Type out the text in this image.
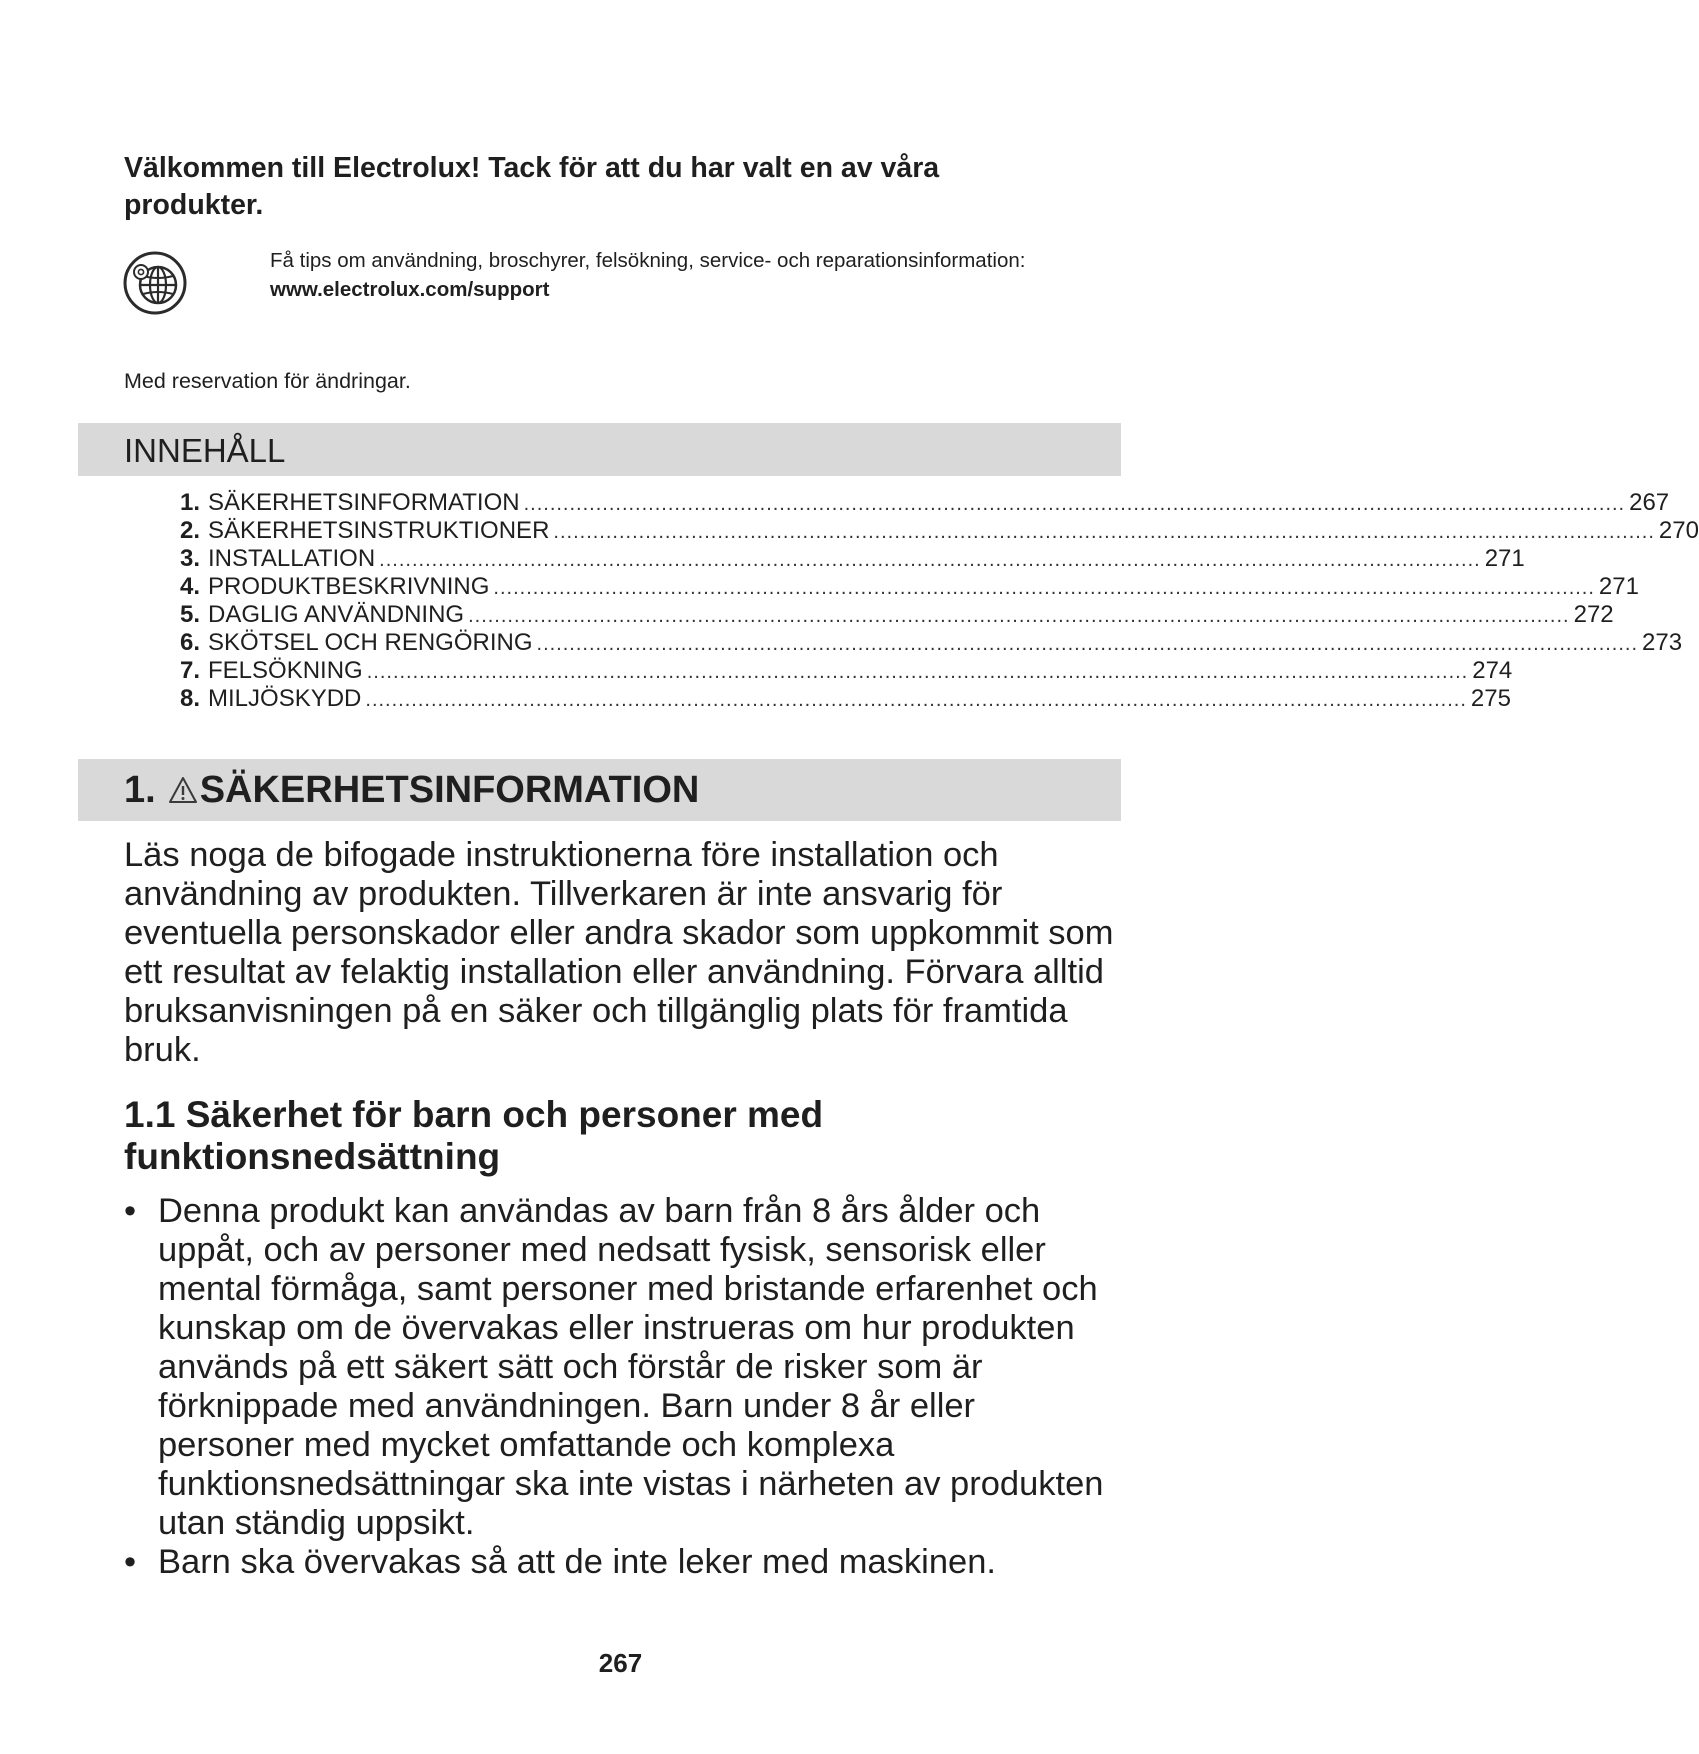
Välkommen till Electrolux! Tack för att du har valt en av våra produkter.
Få tips om användning, broschyrer, felsökning, service- och reparationsinformation:
www.electrolux.com/support
Med reservation för ändringar.
INNEHÅLL
1. SÄKERHETSINFORMATION ........................................................................................................................................................................ 267
2. SÄKERHETSINSTRUKTIONER ........................................................................................................................................................................ 270
3. INSTALLATION ........................................................................................................................................................................ 271
4. PRODUKTBESKRIVNING ........................................................................................................................................................................ 271
5. DAGLIG ANVÄNDNING ........................................................................................................................................................................ 272
6. SKÖTSEL OCH RENGÖRING ........................................................................................................................................................................ 273
7. FELSÖKNING ........................................................................................................................................................................ 274
8. MILJÖSKYDD ........................................................................................................................................................................ 275
1. SÄKERHETSINFORMATION

Läs noga de bifogade instruktionerna före installation och användning av produkten. Tillverkaren är inte ansvarig för eventuella personskador eller andra skador som uppkommit som ett resultat av felaktig installation eller användning. Förvara alltid bruksanvisningen på en säker och tillgänglig plats för framtida bruk.

1.1 Säkerhet för barn och personer med funktionsnedsättning
• Denna produkt kan användas av barn från 8 års ålder och uppåt, och av personer med nedsatt fysisk, sensorisk eller mental förmåga, samt personer med bristande erfarenhet och kunskap om de övervakas eller instrueras om hur produkten används på ett säkert sätt och förstår de risker som är förknippade med användningen. Barn under 8 år eller personer med mycket omfattande och komplexa funktionsnedsättningar ska inte vistas i närheten av produkten utan ständig uppsikt.
• Barn ska övervakas så att de inte leker med maskinen.
267
